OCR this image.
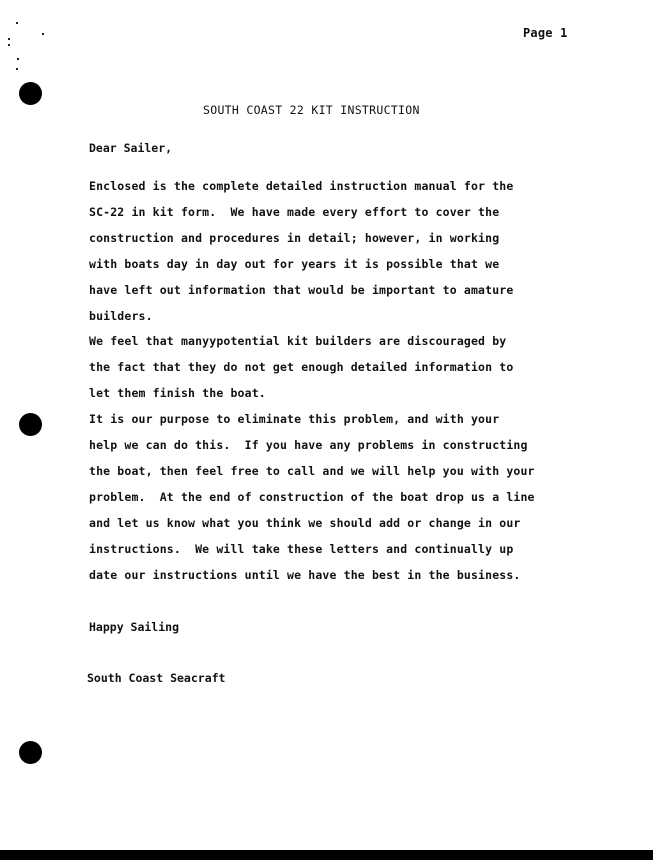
Page 1
SOUTH COAST 22 KIT INSTRUCTION
Dear Sailer,
Enclosed is the complete detailed instruction manual for the
SC-22 in kit form.  We have made every effort to cover the
construction and procedures in detail; however, in working
with boats day in day out for years it is possible that we
have left out information that would be important to amature
builders.
We feel that manyypotential kit builders are discouraged by
the fact that they do not get enough detailed information to
let them finish the boat.
It is our purpose to eliminate this problem, and with your
help we can do this.  If you have any problems in constructing
the boat, then feel free to call and we will help you with your
problem.  At the end of construction of the boat drop us a line
and let us know what you think we should add or change in our
instructions.  We will take these letters and continually up
date our instructions until we have the best in the business.
Happy Sailing
South Coast Seacraft
